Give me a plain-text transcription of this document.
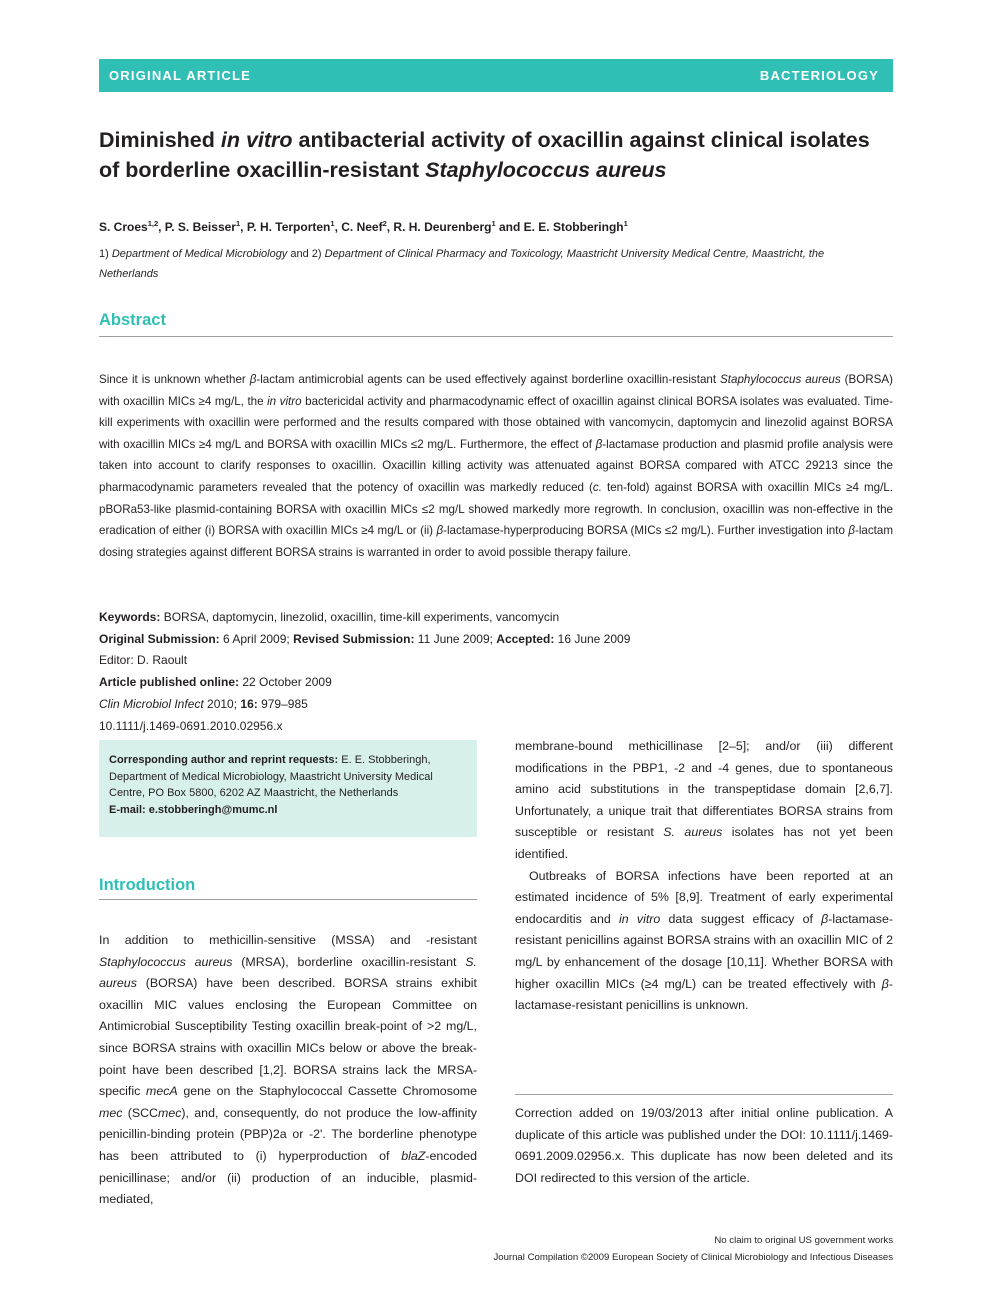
ORIGINAL ARTICLE	BACTERIOLOGY
Diminished in vitro antibacterial activity of oxacillin against clinical isolates of borderline oxacillin-resistant Staphylococcus aureus
S. Croes$^{1,2}$, P. S. Beisser$^1$, P. H. Terporten$^1$, C. Neef$^2$, R. H. Deurenberg$^1$ and E. E. Stobberingh$^1$
1) Department of Medical Microbiology and 2) Department of Clinical Pharmacy and Toxicology, Maastricht University Medical Centre, Maastricht, the Netherlands
Abstract

Since it is unknown whether β-lactam antimicrobial agents can be used effectively against borderline oxacillin-resistant Staphylococcus aureus (BORSA) with oxacillin MICs ≥4 mg/L, the in vitro bactericidal activity and pharmacodynamic effect of oxacillin against clinical BORSA isolates was evaluated. Time-kill experiments with oxacillin were performed and the results compared with those obtained with vancomycin, daptomycin and linezolid against BORSA with oxacillin MICs ≥4 mg/L and BORSA with oxacillin MICs ≤2 mg/L. Furthermore, the effect of β-lactamase production and plasmid profile analysis were taken into account to clarify responses to oxacillin. Oxacillin killing activity was attenuated against BORSA compared with ATCC 29213 since the pharmacodynamic parameters revealed that the potency of oxacillin was markedly reduced (c. ten-fold) against BORSA with oxacillin MICs ≥4 mg/L. pBORa53-like plasmid-containing BORSA with oxacillin MICs ≤2 mg/L showed markedly more regrowth. In conclusion, oxacillin was non-effective in the eradication of either (i) BORSA with oxacillin MICs ≥4 mg/L or (ii) β-lactamase-hyperproducing BORSA (MICs ≤2 mg/L). Further investigation into β-lactam dosing strategies against different BORSA strains is warranted in order to avoid possible therapy failure.

Keywords: BORSA, daptomycin, linezolid, oxacillin, time-kill experiments, vancomycin
Original Submission: 6 April 2009; Revised Submission: 11 June 2009; Accepted: 16 June 2009
Editor: D. Raoult
Article published online: 22 October 2009
Clin Microbiol Infect 2010; 16: 979–985
10.1111/j.1469-0691.2010.02956.x
Corresponding author and reprint requests: E. E. Stobberingh, Department of Medical Microbiology, Maastricht University Medical Centre, PO Box 5800, 6202 AZ Maastricht, the Netherlands
E-mail: e.stobberingh@mumc.nl
Introduction

In addition to methicillin-sensitive (MSSA) and -resistant Staphylococcus aureus (MRSA), borderline oxacillin-resistant S. aureus (BORSA) have been described. BORSA strains exhibit oxacillin MIC values enclosing the European Committee on Antimicrobial Susceptibility Testing oxacillin break-point of >2 mg/L, since BORSA strains with oxacillin MICs below or above the break-point have been described [1,2]. BORSA strains lack the MRSA-specific mecA gene on the Staphylococcal Cassette Chromosome mec (SCCmec), and, consequently, do not produce the low-affinity penicillin-binding protein (PBP)2a or -2'. The borderline phenotype has been attributed to (i) hyperproduction of blaZ-encoded penicillinase; and/or (ii) production of an inducible, plasmid-mediated,

membrane-bound methicillinase [2–5]; and/or (iii) different modifications in the PBP1, -2 and -4 genes, due to spontaneous amino acid substitutions in the transpeptidase domain [2,6,7]. Unfortunately, a unique trait that differentiates BORSA strains from susceptible or resistant S. aureus isolates has not yet been identified.

Outbreaks of BORSA infections have been reported at an estimated incidence of 5% [8,9]. Treatment of early experimental endocarditis and in vitro data suggest efficacy of β-lactamase-resistant penicillins against BORSA strains with an oxacillin MIC of 2 mg/L by enhancement of the dosage [10,11]. Whether BORSA with higher oxacillin MICs (≥4 mg/L) can be treated effectively with β-lactamase-resistant penicillins is unknown.

Correction added on 19/03/2013 after initial online publication. A duplicate of this article was published under the DOI: 10.1111/j.1469-0691.2009.02956.x. This duplicate has now been deleted and its DOI redirected to this version of the article.

No claim to original US government works
Journal Compilation ©2009 European Society of Clinical Microbiology and Infectious Diseases
